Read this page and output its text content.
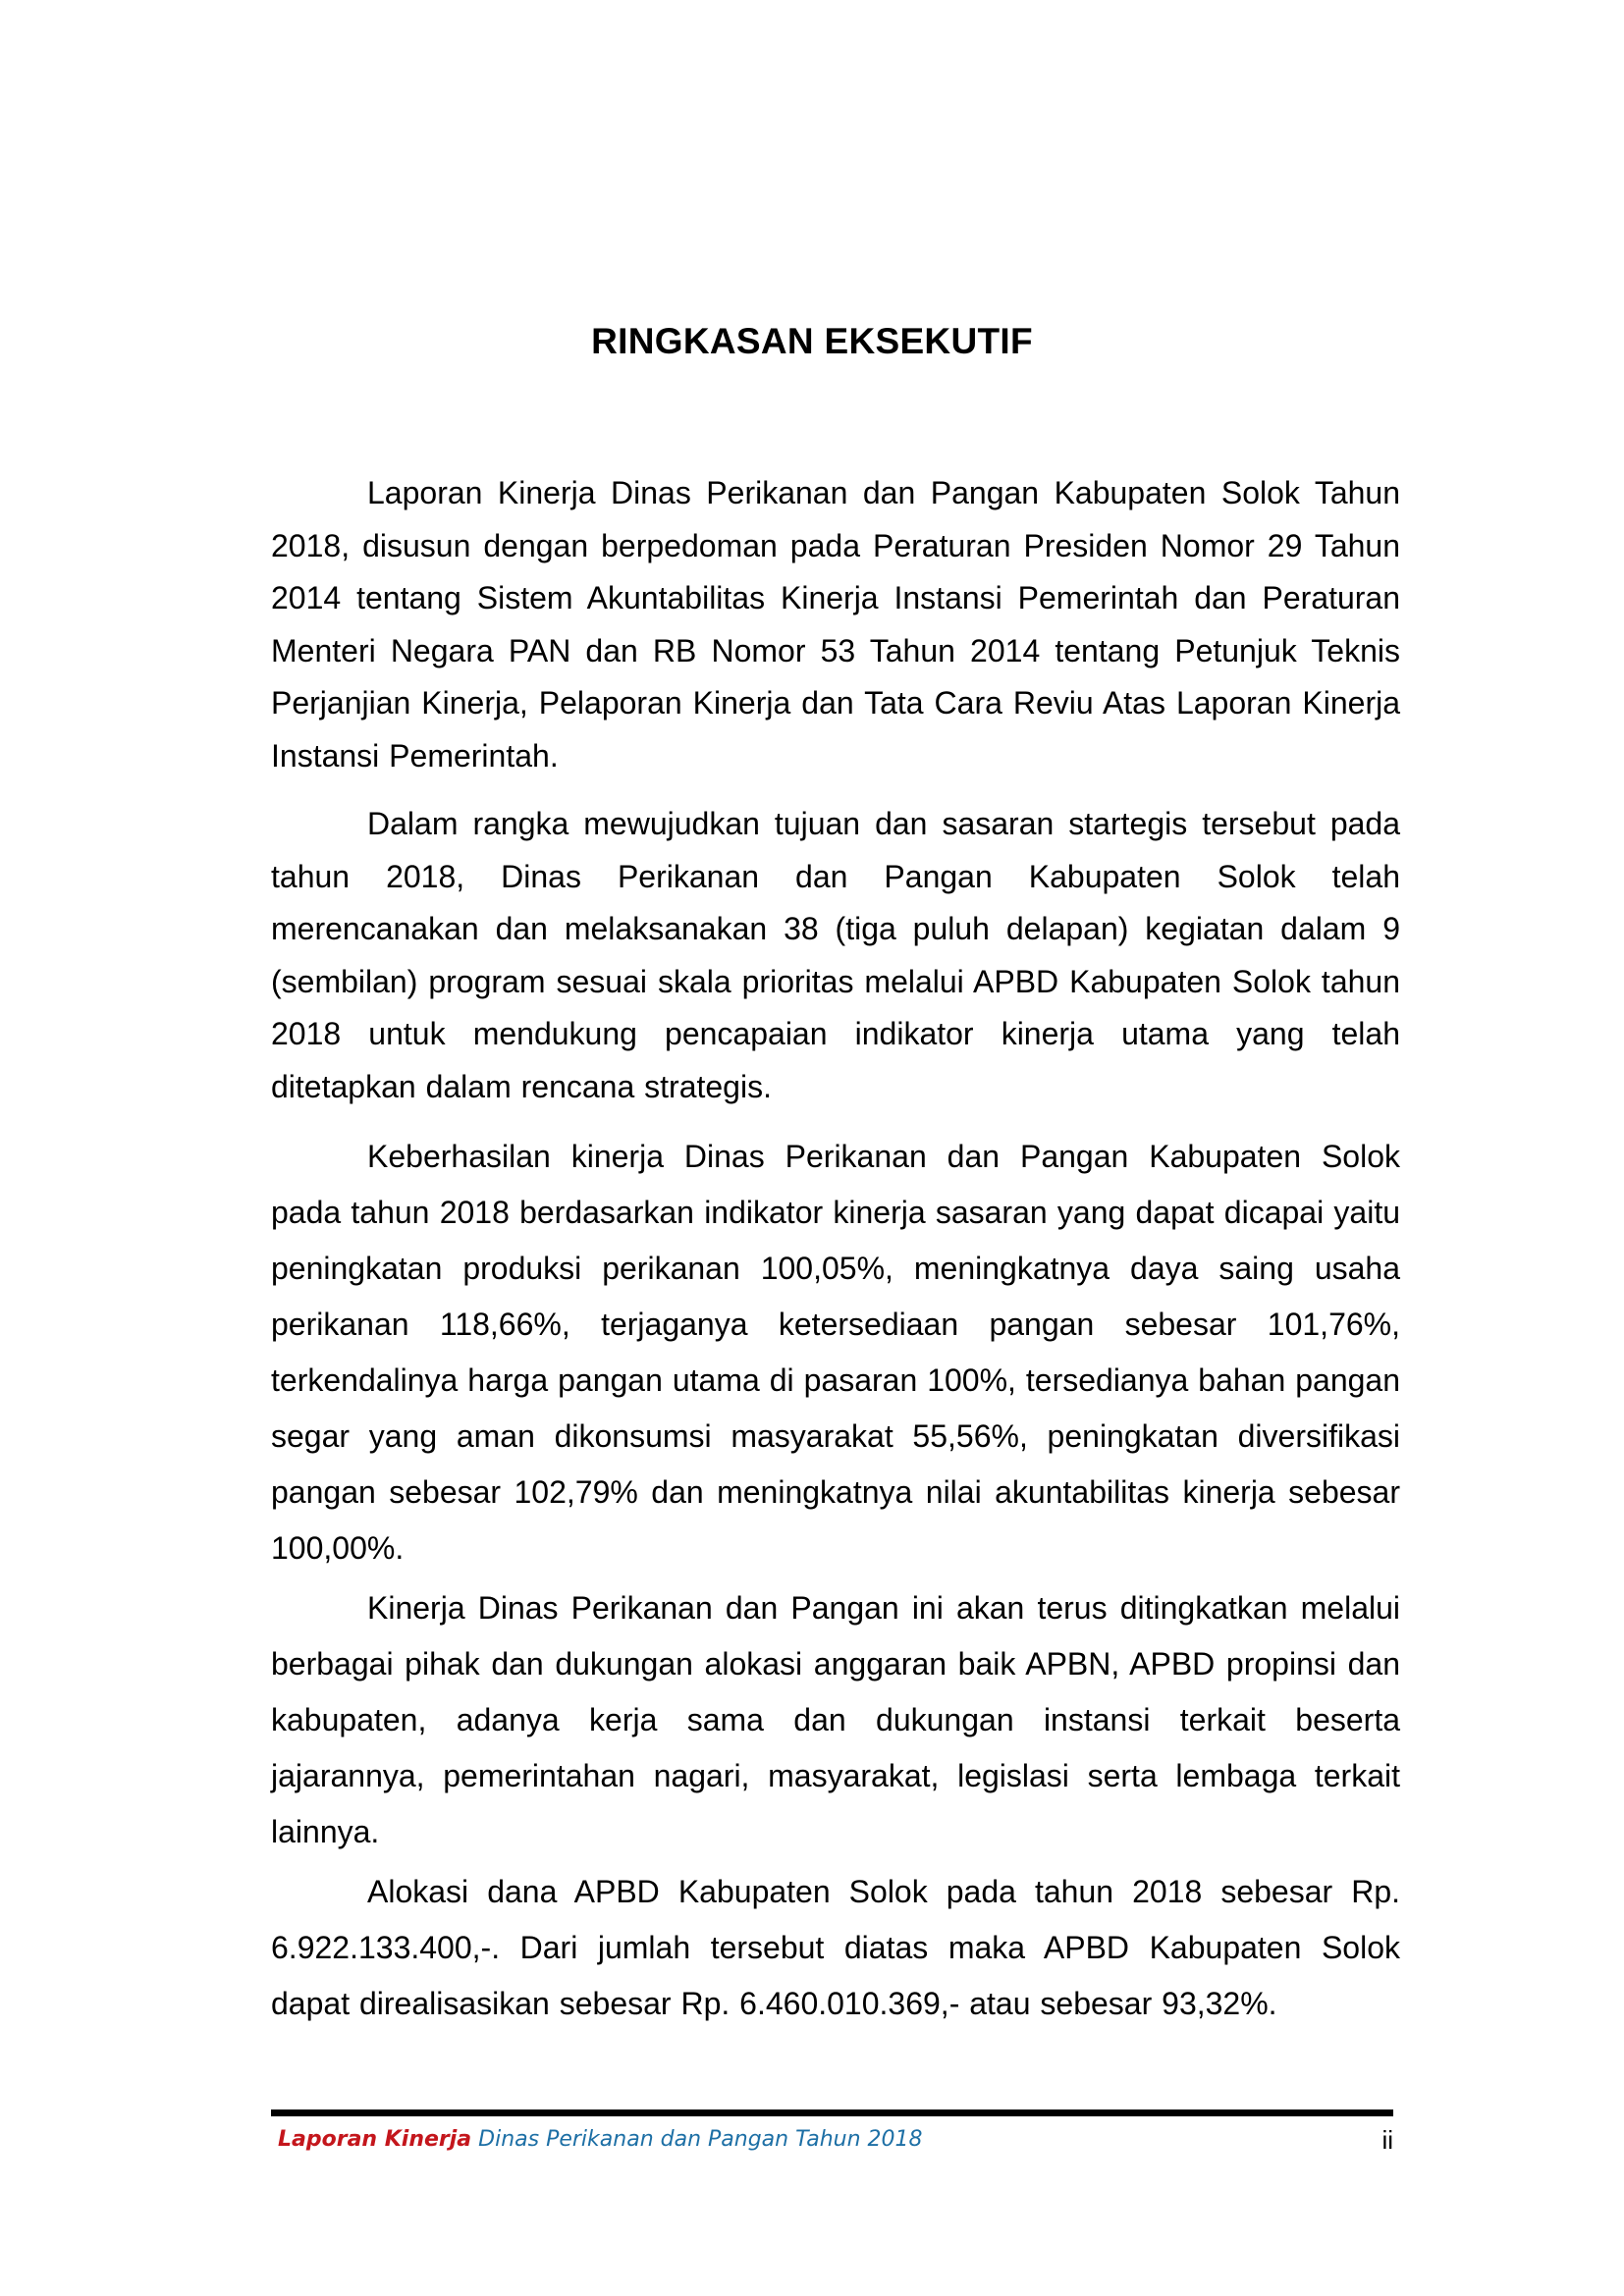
RINGKASAN EKSEKUTIF

Laporan Kinerja Dinas Perikanan dan Pangan Kabupaten Solok Tahun 2018, disusun dengan berpedoman pada Peraturan Presiden Nomor 29 Tahun 2014 tentang Sistem Akuntabilitas Kinerja Instansi Pemerintah dan Peraturan Menteri Negara PAN dan RB Nomor 53 Tahun 2014 tentang Petunjuk Teknis Perjanjian Kinerja, Pelaporan Kinerja dan Tata Cara Reviu Atas Laporan Kinerja Instansi Pemerintah.

Dalam rangka mewujudkan tujuan dan sasaran startegis tersebut pada tahun 2018, Dinas Perikanan dan Pangan Kabupaten Solok telah merencanakan dan melaksanakan 38 (tiga puluh delapan) kegiatan dalam 9 (sembilan) program sesuai skala prioritas melalui APBD Kabupaten Solok tahun 2018 untuk mendukung pencapaian indikator kinerja utama yang telah ditetapkan dalam rencana strategis.

Keberhasilan kinerja Dinas Perikanan dan Pangan Kabupaten Solok pada tahun 2018 berdasarkan indikator kinerja sasaran yang dapat dicapai yaitu peningkatan produksi perikanan 100,05%, meningkatnya daya saing usaha perikanan 118,66%, terjaganya ketersediaan pangan sebesar 101,76%, terkendalinya harga pangan utama di pasaran 100%, tersedianya bahan pangan segar yang aman dikonsumsi masyarakat 55,56%, peningkatan diversifikasi pangan sebesar 102,79% dan meningkatnya nilai akuntabilitas kinerja sebesar 100,00%.

Kinerja Dinas Perikanan dan Pangan ini akan terus ditingkatkan melalui berbagai pihak dan dukungan alokasi anggaran baik APBN, APBD propinsi dan kabupaten, adanya kerja sama dan dukungan instansi terkait beserta jajarannya, pemerintahan nagari, masyarakat, legislasi serta lembaga terkait lainnya.

Alokasi dana APBD Kabupaten Solok pada tahun 2018 sebesar Rp. 6.922.133.400,-. Dari jumlah tersebut diatas maka APBD Kabupaten Solok dapat direalisasikan sebesar Rp. 6.460.010.369,- atau sebesar 93,32%.

Laporan Kinerja Dinas Perikanan dan Pangan Tahun 2018	ii
